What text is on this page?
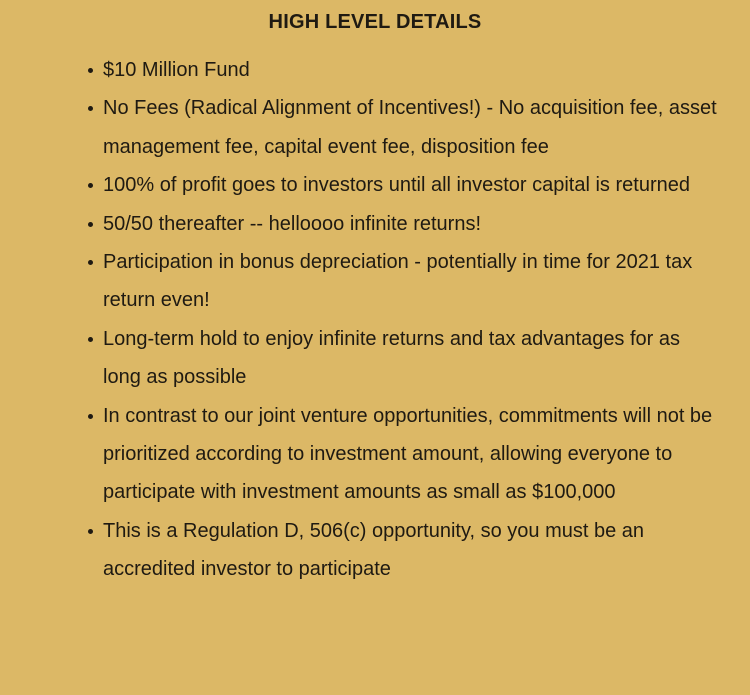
HIGH LEVEL DETAILS
$10 Million Fund
No Fees (Radical Alignment of Incentives!) - No acquisition fee, asset management fee, capital event fee, disposition fee
100% of profit goes to investors until all investor capital is returned
50/50 thereafter -- helloooo infinite returns!
Participation in bonus depreciation - potentially in time for 2021 tax return even!
Long-term hold to enjoy infinite returns and tax advantages for as long as possible
In contrast to our joint venture opportunities, commitments will not be prioritized according to investment amount, allowing everyone to participate with investment amounts as small as $100,000
This is a Regulation D, 506(c) opportunity, so you must be an accredited investor to participate
